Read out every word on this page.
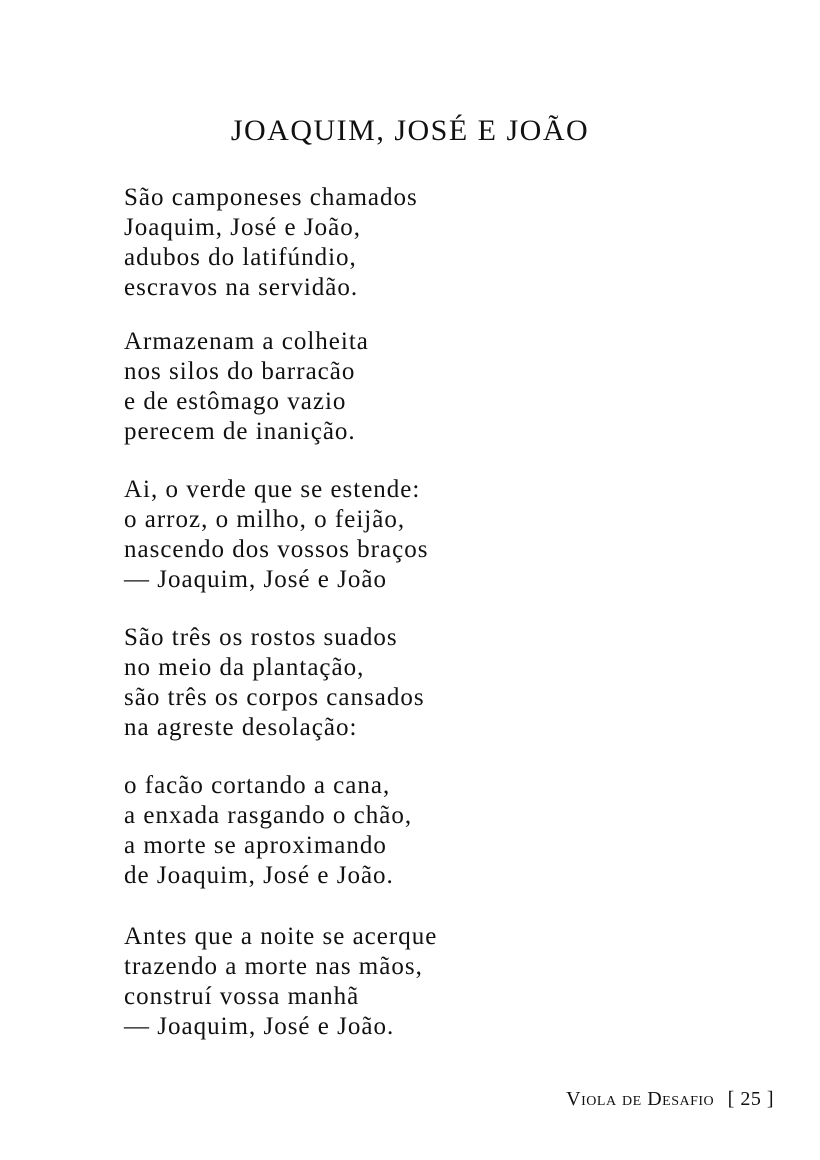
JOAQUIM, JOSÉ E JOÃO
São camponeses chamados
Joaquim, José e João,
adubos do latifúndio,
escravos na servidão.
Armazenam a colheita
nos silos do barracão
e de estômago vazio
perecem de inanição.
Ai, o verde que se estende:
o arroz, o milho, o feijão,
nascendo dos vossos braços
— Joaquim, José e João
São três os rostos suados
no meio da plantação,
são três os corpos cansados
na agreste desolação:
o facão cortando a cana,
a enxada rasgando o chão,
a morte se aproximando
de Joaquim, José e João.
Antes que a noite se acerque
trazendo a morte nas mãos,
construí vossa manhã
— Joaquim, José e João.
Viola de Desafio [ 25 ]
